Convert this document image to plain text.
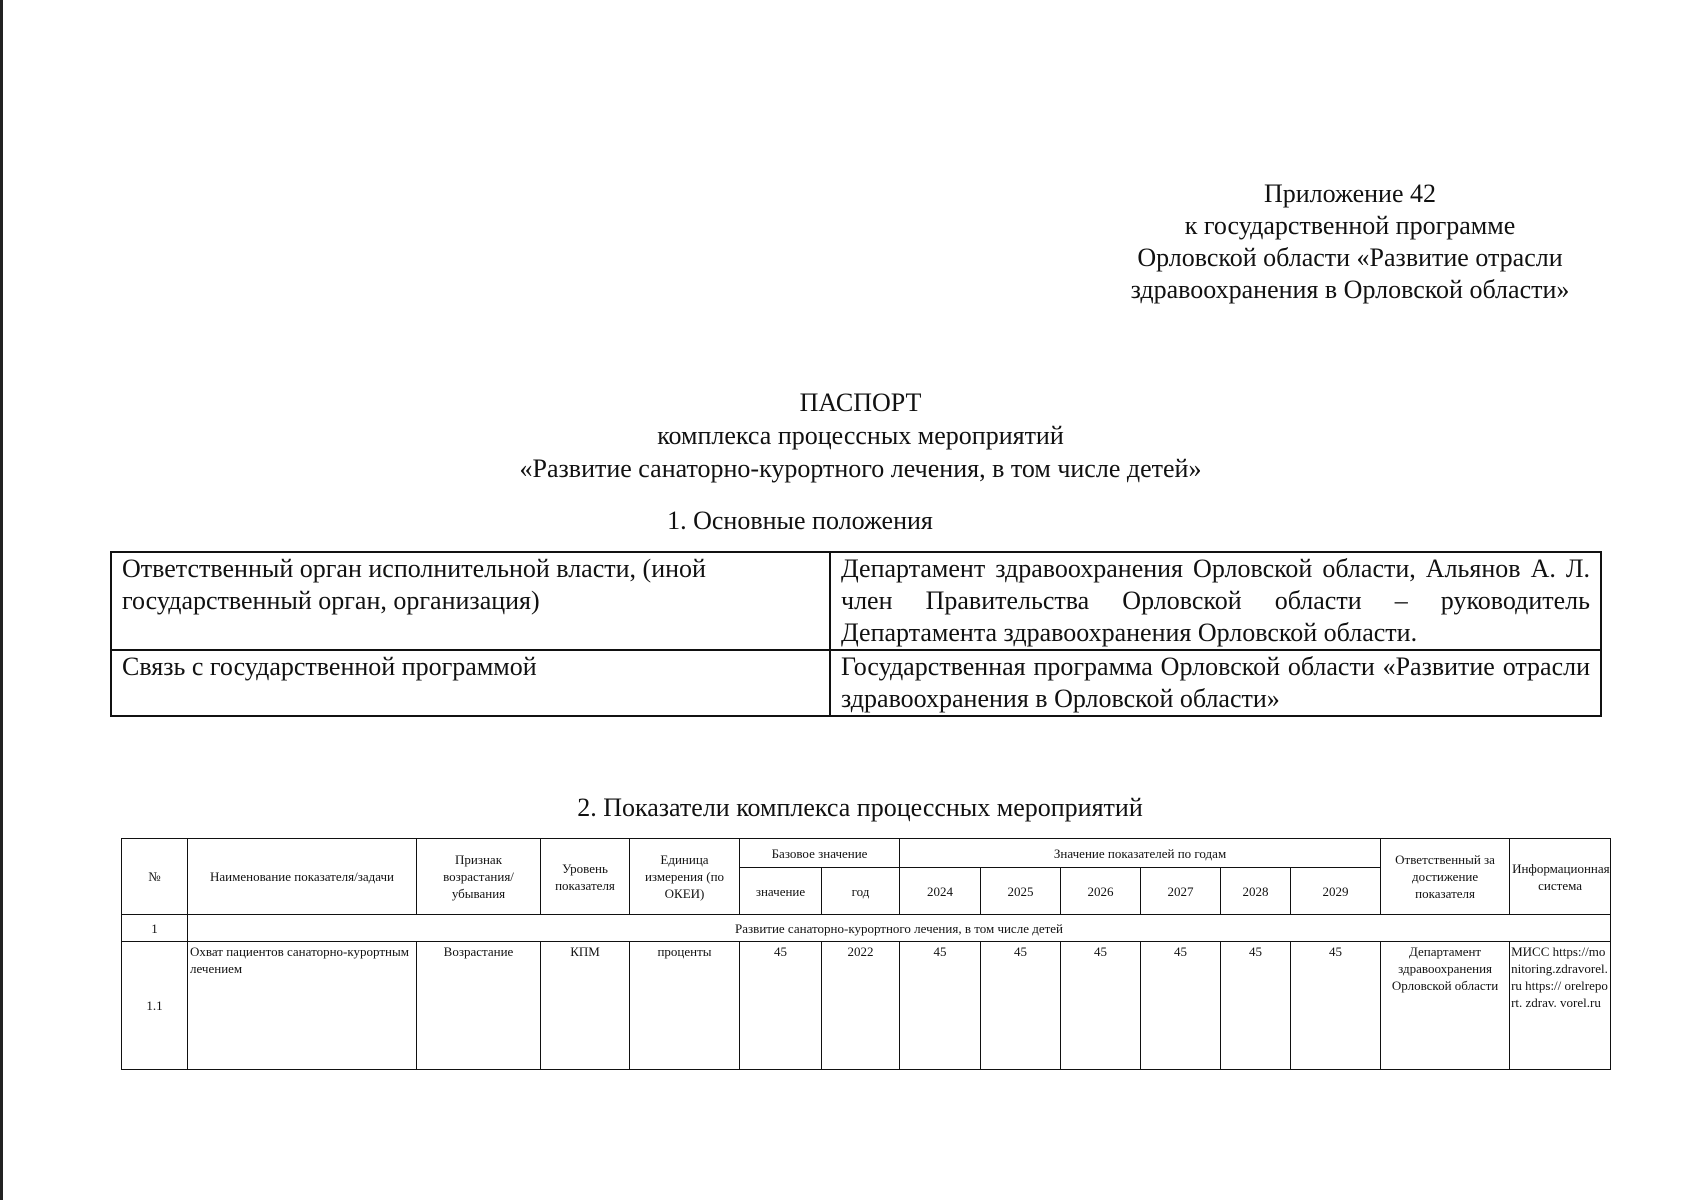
Приложение 42
к государственной программе
Орловской области «Развитие отрасли
здравоохранения в Орловской области»
ПАСПОРТ
комплекса процессных мероприятий
«Развитие санаторно-курортного лечения, в том числе детей»
1. Основные положения
Ответственный орган исполнительной власти, (иной государственный орган, организация)	Департамент здравоохранения Орловской области, Альянов А. Л. член Правительства Орловской области – руководитель Департамента здравоохранения Орловской области.
Связь с государственной программой	Государственная программа Орловской области «Развитие отрасли здравоохранения в Орловской области»
2. Показатели комплекса процессных мероприятий
№	Наименование показателя/задачи	Признак возрастания/ убывания	Уровень показателя	Единица измерения (по ОКЕИ)	Базовое значение		Значение показателей по годам						Ответственный за достижение показателя	Информационная система
					значение	год	2024	2025	2026	2027	2028	2029		
1	Развитие санаторно-курортного лечения, в том числе детей													
1.1	Охват пациентов санаторно-курортным лечением	Возрастание	КПМ	проценты	45	2022	45	45	45	45	45	45	Департамент здравоохранения Орловской области	МИСС https://monitoring.zdravorel.ru https:// orelreport. zdrav. vorel.ru
